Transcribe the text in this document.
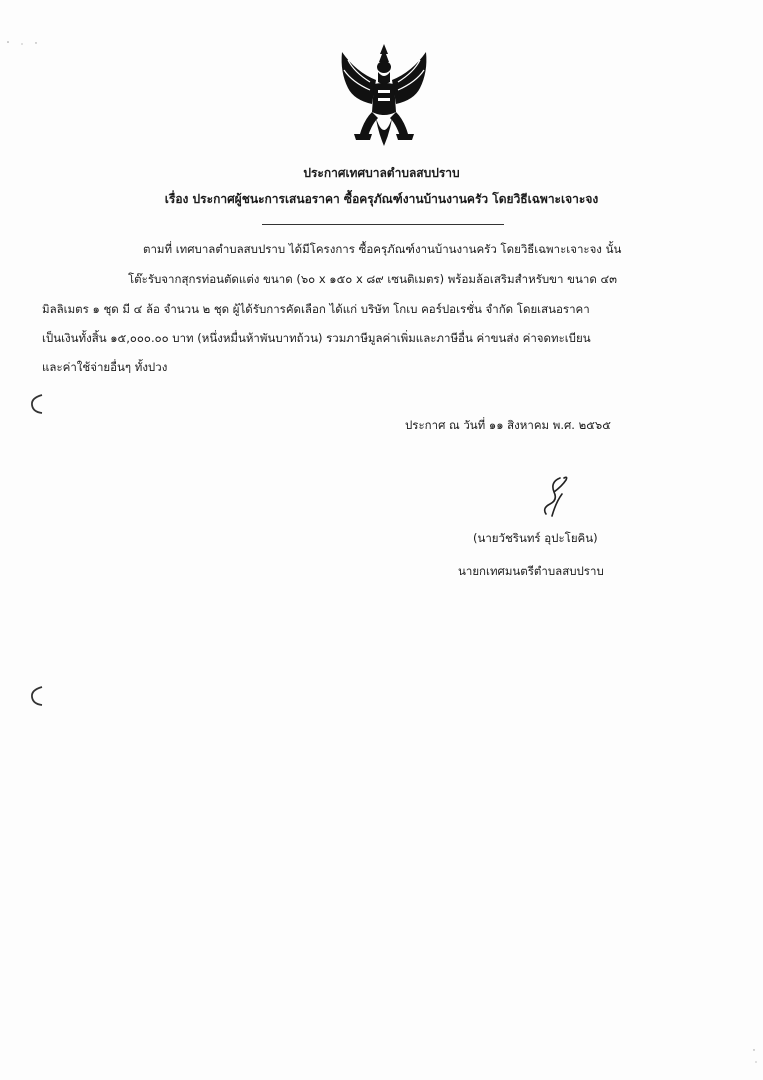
ประกาศเทศบาลตำบลสบปราบ
เรื่อง ประกาศผู้ชนะการเสนอราคา ซื้อครุภัณฑ์งานบ้านงานครัว โดยวิธีเฉพาะเจาะจง
ตามที่ เทศบาลตำบลสบปราบ ได้มีโครงการ ซื้อครุภัณฑ์งานบ้านงานครัว โดยวิธีเฉพาะเจาะจง นั้น
โต๊ะรับจากสุกรท่อนตัดแต่ง ขนาด (๖๐ x ๑๕๐ x ๘๙ เซนติเมตร) พร้อมล้อเสริมสำหรับขา ขนาด ๔๓
มิลลิเมตร ๑ ชุด มี ๔ ล้อ จำนวน ๒ ชุด ผู้ได้รับการคัดเลือก ได้แก่ บริษัท โกเบ คอร์ปอเรชั่น จำกัด โดยเสนอราคา
เป็นเงินทั้งสิ้น ๑๕,๐๐๐.๐๐ บาท (หนึ่งหมื่นห้าพันบาทถ้วน) รวมภาษีมูลค่าเพิ่มและภาษีอื่น ค่าขนส่ง ค่าจดทะเบียน
และค่าใช้จ่ายอื่นๆ ทั้งปวง
ประกาศ ณ วันที่ ๑๑ สิงหาคม พ.ศ. ๒๕๖๕
(นายวัชรินทร์ อุปะโยคิน)
นายกเทศมนตรีตำบลสบปราบ
